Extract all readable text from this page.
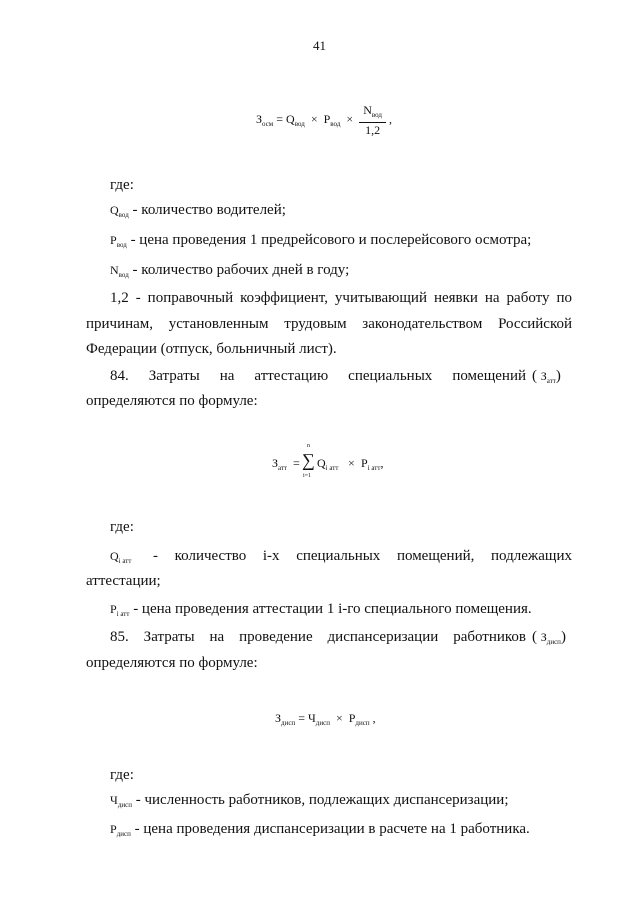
41
$З_{осм} = Q_{вод} \times Р_{вод} \times \frac{N_{вод}}{1,2}$ ,
где:
$Q_{вод}$ - количество водителей;
$Р_{вод}$ - цена проведения 1 предрейсового и послерейсового осмотра;
$N_{вод}$ - количество рабочих дней в году;
1,2 - поправочный коэффициент, учитывающий неявки на работу по
причинам, установленным трудовым законодательством Российской
Федерации (отпуск, больничный лист).
84. Затраты на аттестацию специальных помещений ( $З_{атт}$)
определяются по формуле:
$З_{атт}$ =
n
∑
i=1
$Q_{i атт} \times P_{i атт}$,
где:
$Q_{i атт}$ - количество i-х специальных помещений, подлежащих
аттестации;
$P_{i атт}$ - цена проведения аттестации 1 i-го специального помещения.
85. Затраты на проведение диспансеризации работников ( $З_{дисп}$)
определяются по формуле:
$З_{дисп} = Ч_{дисп} \times Р_{дисп}$ ,
где:
$Ч_{дисп}$ - численность работников, подлежащих диспансеризации;
$Р_{дисп}$ - цена проведения диспансеризации в расчете на 1 работника.
